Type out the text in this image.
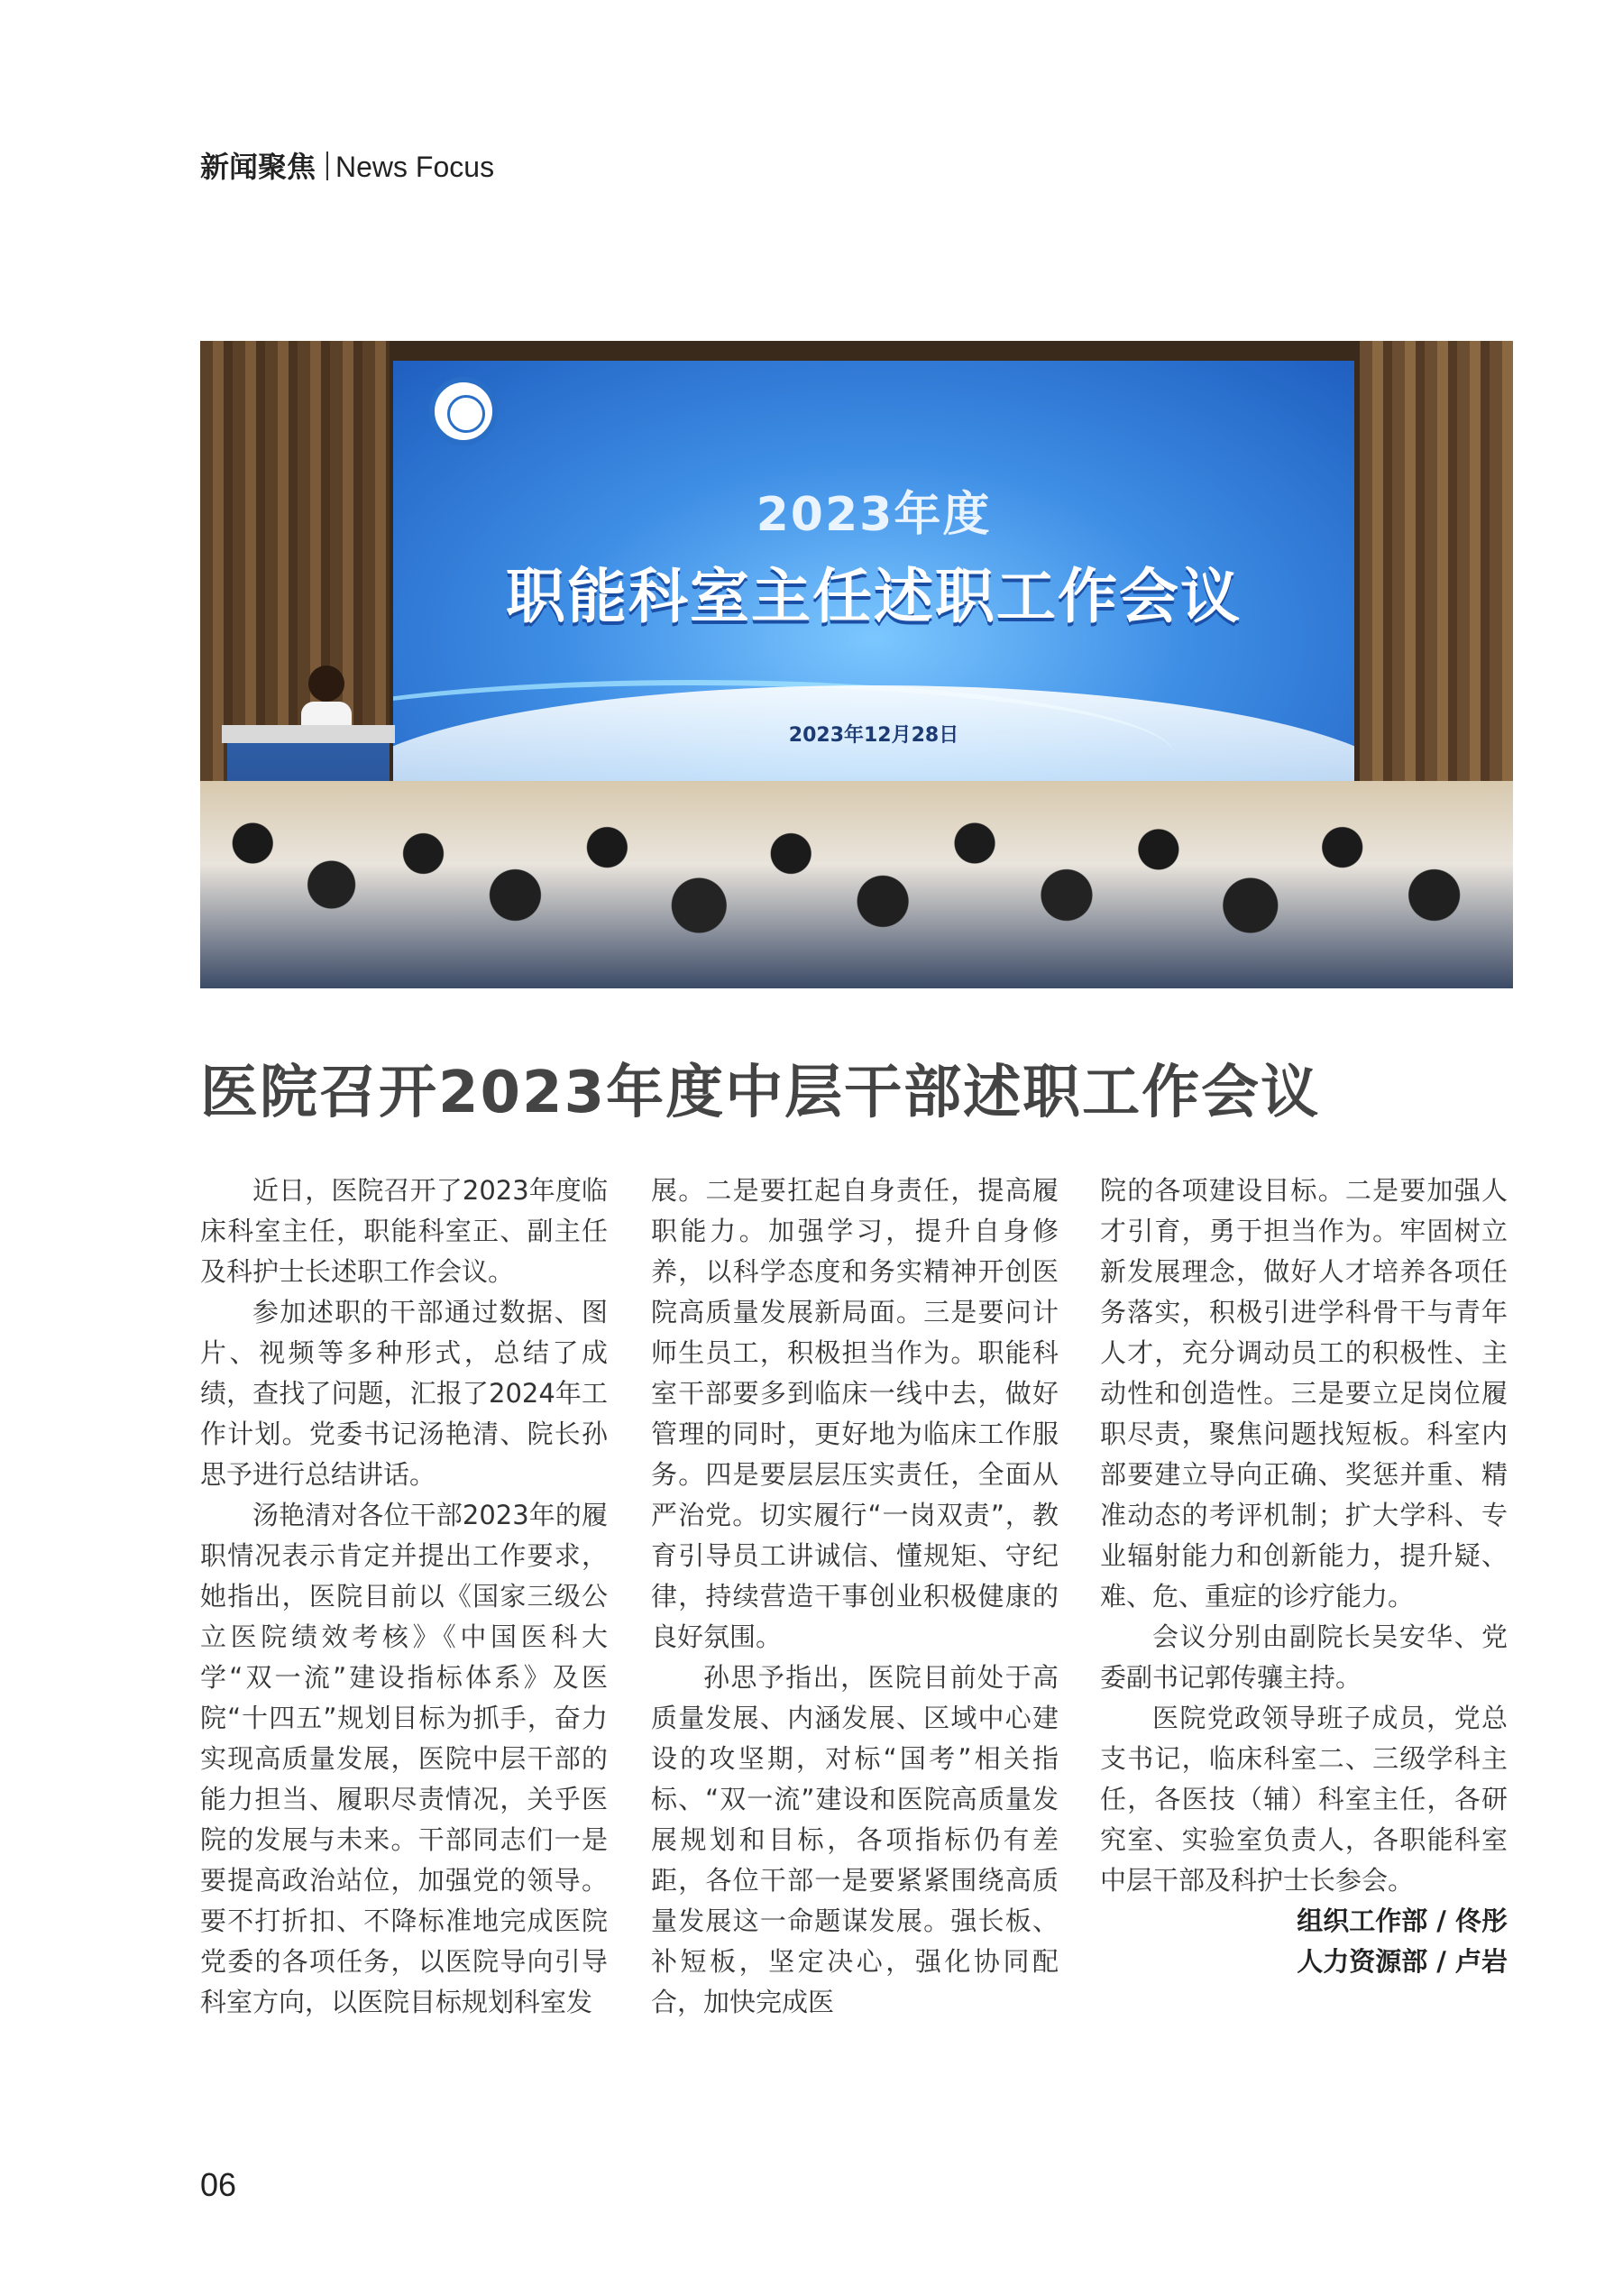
新闻聚焦 News Focus
2023年度
职能科室主任述职工作会议
2023年12月28日
医院召开2023年度中层干部述职工作会议

近日，医院召开了2023年度临床科室主任，职能科室正、副主任及科护士长述职工作会议。

参加述职的干部通过数据、图片、视频等多种形式，总结了成绩，查找了问题，汇报了2024年工作计划。党委书记汤艳清、院长孙思予进行总结讲话。

汤艳清对各位干部2023年的履职情况表示肯定并提出工作要求，她指出，医院目前以《国家三级公立医院绩效考核》《中国医科大学“双一流”建设指标体系》及医院“十四五”规划目标为抓手，奋力实现高质量发展，医院中层干部的能力担当、履职尽责情况，关乎医院的发展与未来。干部同志们一是要提高政治站位，加强党的领导。要不打折扣、不降标准地完成医院党委的各项任务，以医院导向引导科室方向，以医院目标规划科室发

展。二是要扛起自身责任，提高履职能力。加强学习，提升自身修养，以科学态度和务实精神开创医院高质量发展新局面。三是要问计师生员工，积极担当作为。职能科室干部要多到临床一线中去，做好管理的同时，更好地为临床工作服务。四是要层层压实责任，全面从严治党。切实履行“一岗双责”，教育引导员工讲诚信、懂规矩、守纪律，持续营造干事创业积极健康的良好氛围。

孙思予指出，医院目前处于高质量发展、内涵发展、区域中心建设的攻坚期，对标“国考”相关指标、“双一流”建设和医院高质量发展规划和目标，各项指标仍有差距，各位干部一是要紧紧围绕高质量发展这一命题谋发展。强长板、补短板，坚定决心，强化协同配合，加快完成医

院的各项建设目标。二是要加强人才引育，勇于担当作为。牢固树立新发展理念，做好人才培养各项任务落实，积极引进学科骨干与青年人才，充分调动员工的积极性、主动性和创造性。三是要立足岗位履职尽责，聚焦问题找短板。科室内部要建立导向正确、奖惩并重、精准动态的考评机制；扩大学科、专业辐射能力和创新能力，提升疑、难、危、重症的诊疗能力。

会议分别由副院长吴安华、党委副书记郭传骧主持。

医院党政领导班子成员，党总支书记，临床科室二、三级学科主任，各医技（辅）科室主任，各研究室、实验室负责人，各职能科室中层干部及科护士长参会。

组织工作部 / 佟彤

人力资源部 / 卢岩

06
